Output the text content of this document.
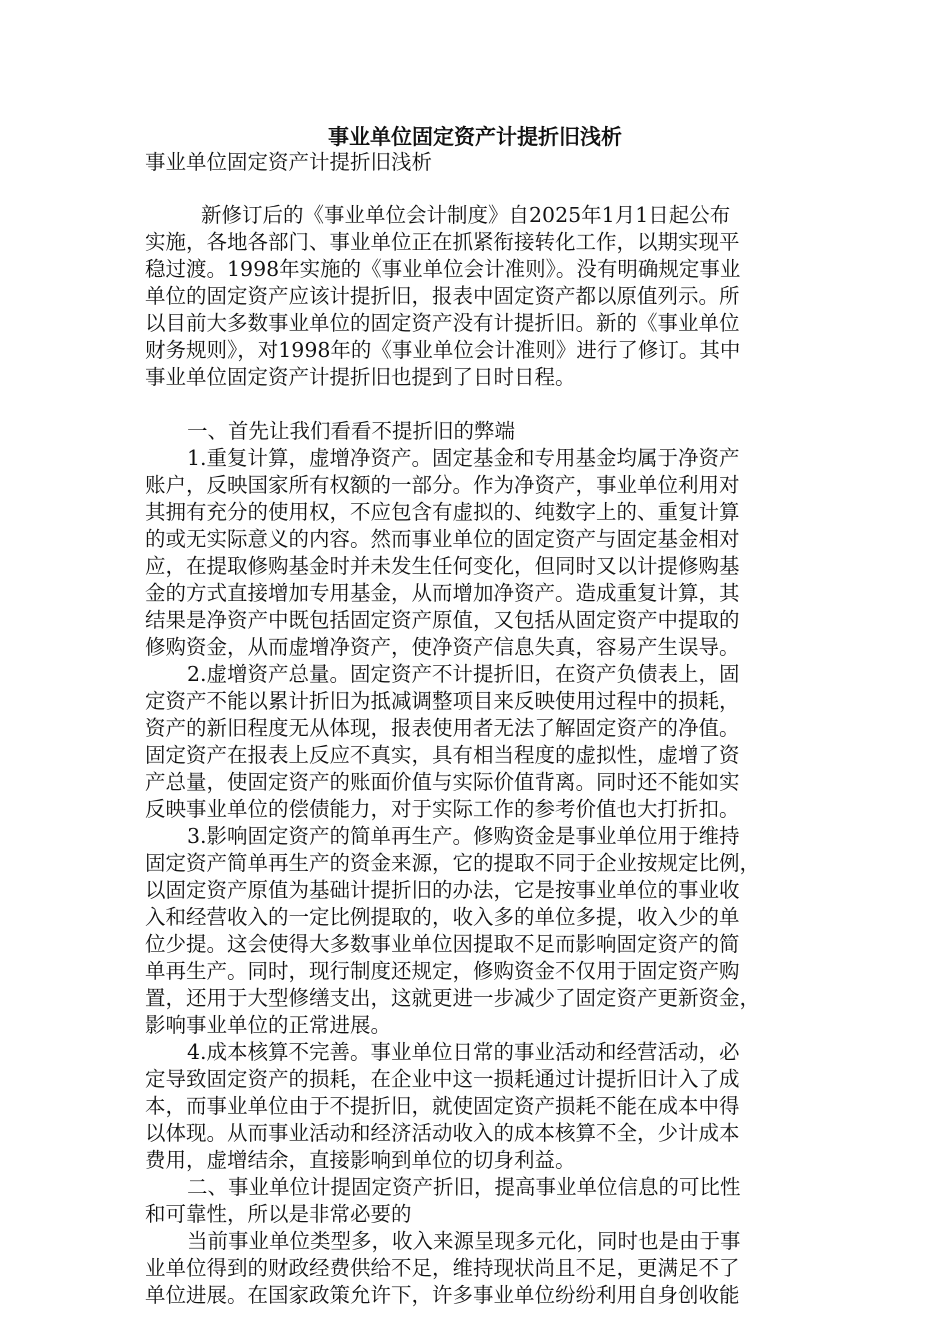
事业单位固定资产计提折旧浅析

事业单位固定资产计提折旧浅析

新修订后的《事业单位会计制度》自2025年1月1日起公布

实施，各地各部门、事业单位正在抓紧衔接转化工作，以期实现平

稳过渡。1998年实施的《事业单位会计准则》。没有明确规定事业

单位的固定资产应该计提折旧，报表中固定资产都以原值列示。所

以目前大多数事业单位的固定资产没有计提折旧。新的《事业单位

财务规则》，对1998年的《事业单位会计准则》进行了修订。其中

事业单位固定资产计提折旧也提到了日时日程。

一、首先让我们看看不提折旧的弊端

1.重复计算，虚增净资产。固定基金和专用基金均属于净资产

账户，反映国家所有权额的一部分。作为净资产，事业单位利用对

其拥有充分的使用权，不应包含有虚拟的、纯数字上的、重复计算

的或无实际意义的内容。然而事业单位的固定资产与固定基金相对

应，在提取修购基金时并未发生任何变化，但同时又以计提修购基

金的方式直接增加专用基金，从而增加净资产。造成重复计算，其

结果是净资产中既包括固定资产原值，又包括从固定资产中提取的

修购资金，从而虚增净资产，使净资产信息失真，容易产生误导。

2.虚增资产总量。固定资产不计提折旧，在资产负债表上，固

定资产不能以累计折旧为抵减调整项目来反映使用过程中的损耗，

资产的新旧程度无从体现，报表使用者无法了解固定资产的净值。

固定资产在报表上反应不真实，具有相当程度的虚拟性，虚增了资

产总量，使固定资产的账面价值与实际价值背离。同时还不能如实

反映事业单位的偿债能力，对于实际工作的参考价值也大打折扣。

3.影响固定资产的简单再生产。修购资金是事业单位用于维持

固定资产简单再生产的资金来源，它的提取不同于企业按规定比例，

以固定资产原值为基础计提折旧的办法，它是按事业单位的事业收

入和经营收入的一定比例提取的，收入多的单位多提，收入少的单

位少提。这会使得大多数事业单位因提取不足而影响固定资产的简

单再生产。同时，现行制度还规定，修购资金不仅用于固定资产购

置，还用于大型修缮支出，这就更进一步减少了固定资产更新资金，

影响事业单位的正常进展。

4.成本核算不完善。事业单位日常的事业活动和经营活动，必

定导致固定资产的损耗，在企业中这一损耗通过计提折旧计入了成

本，而事业单位由于不提折旧，就使固定资产损耗不能在成本中得

以体现。从而事业活动和经济活动收入的成本核算不全，少计成本

费用，虚增结余，直接影响到单位的切身利益。

二、事业单位计提固定资产折旧，提高事业单位信息的可比性

和可靠性，所以是非常必要的

当前事业单位类型多，收入来源呈现多元化，同时也是由于事

业单位得到的财政经费供给不足，维持现状尚且不足，更满足不了

单位进展。在国家政策允许下，许多事业单位纷纷利用自身创收能
